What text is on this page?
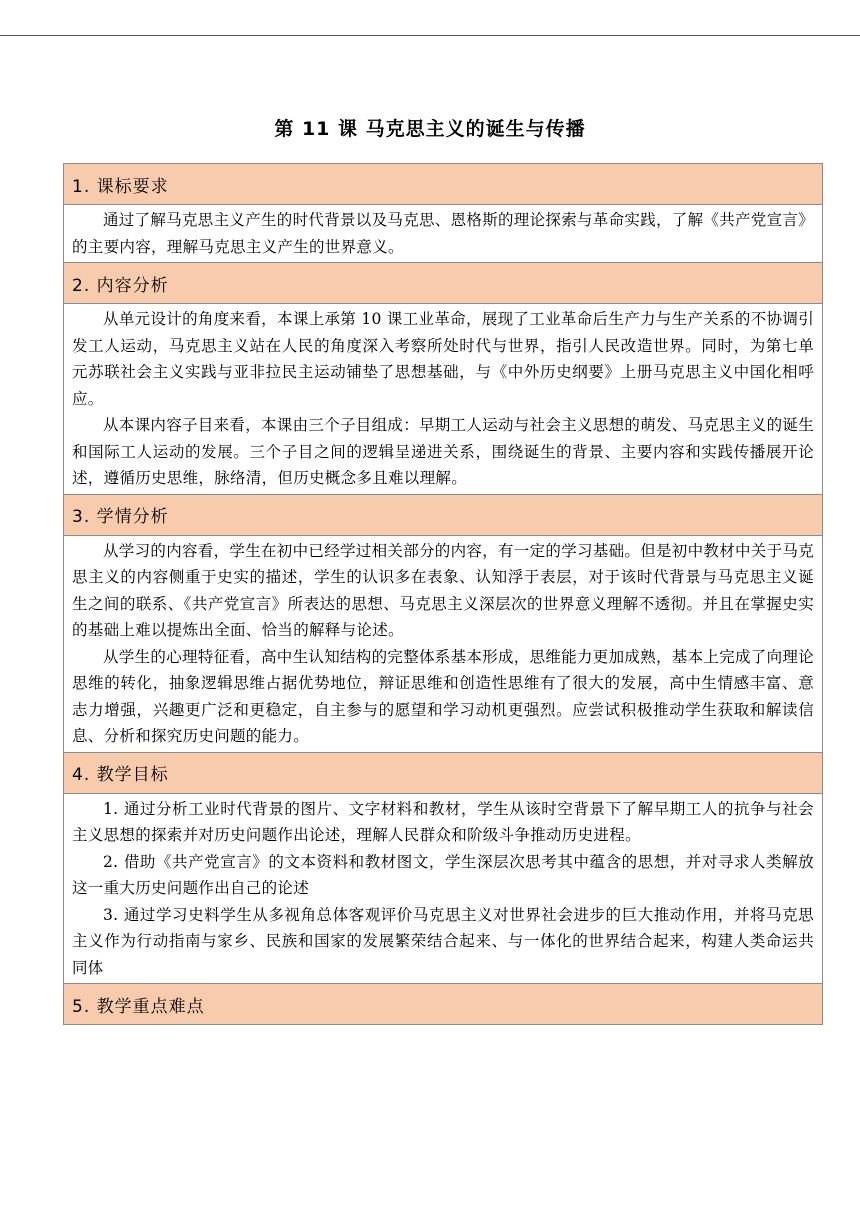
第 11 课 马克思主义的诞生与传播
1. 课标要求

通过了解马克思主义产生的时代背景以及马克思、恩格斯的理论探索与革命实践，了解《共产党宣言》的主要内容，理解马克思主义产生的世界意义。

2. 内容分析

从单元设计的角度来看，本课上承第 10 课工业革命，展现了工业革命后生产力与生产关系的不协调引发工人运动，马克思主义站在人民的角度深入考察所处时代与世界，指引人民改造世界。同时，为第七单元苏联社会主义实践与亚非拉民主运动铺垫了思想基础，与《中外历史纲要》上册马克思主义中国化相呼应。

从本课内容子目来看，本课由三个子目组成：早期工人运动与社会主义思想的萌发、马克思主义的诞生和国际工人运动的发展。三个子目之间的逻辑呈递进关系，围绕诞生的背景、主要内容和实践传播展开论述，遵循历史思维，脉络清，但历史概念多且难以理解。

3. 学情分析

从学习的内容看，学生在初中已经学过相关部分的内容，有一定的学习基础。但是初中教材中关于马克思主义的内容侧重于史实的描述，学生的认识多在表象、认知浮于表层，对于该时代背景与马克思主义诞生之间的联系、《共产党宣言》所表达的思想、马克思主义深层次的世界意义理解不透彻。并且在掌握史实的基础上难以提炼出全面、恰当的解释与论述。

从学生的心理特征看，高中生认知结构的完整体系基本形成，思维能力更加成熟，基本上完成了向理论思维的转化，抽象逻辑思维占据优势地位，辩证思维和创造性思维有了很大的发展，高中生情感丰富、意志力增强，兴趣更广泛和更稳定，自主参与的愿望和学习动机更强烈。应尝试积极推动学生获取和解读信息、分析和探究历史问题的能力。

4. 教学目标

1. 通过分析工业时代背景的图片、文字材料和教材，学生从该时空背景下了解早期工人的抗争与社会主义思想的探索并对历史问题作出论述，理解人民群众和阶级斗争推动历史进程。

2. 借助《共产党宣言》的文本资料和教材图文，学生深层次思考其中蕴含的思想，并对寻求人类解放这一重大历史问题作出自己的论述

3. 通过学习史料学生从多视角总体客观评价马克思主义对世界社会进步的巨大推动作用，并将马克思主义作为行动指南与家乡、民族和国家的发展繁荣结合起来、与一体化的世界结合起来，构建人类命运共同体

5. 教学重点难点
